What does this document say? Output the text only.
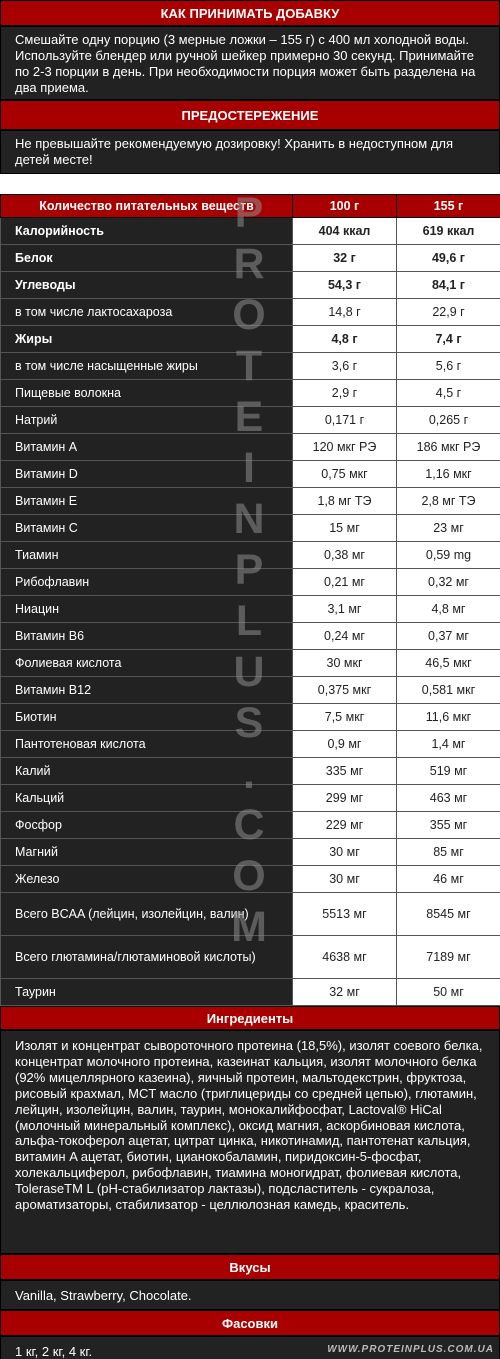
КАК ПРИНИМАТЬ ДОБАВКУ
Смешайте одну порцию (3 мерные ложки – 155 г) с 400 мл холодной воды. Используйте блендер или ручной шейкер примерно 30 секунд. Принимайте по 2-3 порции в день. При необходимости порция может быть разделена на два приема.
ПРЕДОСТЕРЕЖЕНИЕ
Не превышайте рекомендуемую дозировку! Хранить в недоступном для детей месте!
Количество питательных веществ	100 г	155 г
Калорийность	404 ккал	619 ккал
Белок	32 г	49,6 г
Углеводы	54,3 г	84,1 г
в том числе лактосахароза	14,8 г	22,9 г
Жиры	4,8 г	7,4 г
в том числе насыщенные жиры	3,6 г	5,6 г
Пищевые волокна	2,9 г	4,5 г
Натрий	0,171 г	0,265 г
Витамин A	120 мкг РЭ	186 мкг РЭ
Витамин D	0,75 мкг	1,16 мкг
Витамин E	1,8 мг ТЭ	2,8 мг ТЭ
Витамин C	15 мг	23 мг
Тиамин	0,38 мг	0,59 mg
Рибофлавин	0,21 мг	0,32 мг
Ниацин	3,1 мг	4,8 мг
Витамин B6	0,24 мг	0,37 мг
Фолиевая кислота	30 мкг	46,5 мкг
Витамин B12	0,375 мкг	0,581 мкг
Биотин	7,5 мкг	11,6 мкг
Пантотеновая кислота	0,9 мг	1,4 мг
Калий	335 мг	519 мг
Кальций	299 мг	463 мг
Фосфор	229 мг	355 мг
Магний	30 мг	85 мг
Железо	30 мг	46 мг
Всего BCAA (лейцин, изолейцин, валин)	5513 мг	8545 мг
Всего глютамина/глютаминовой кислоты)	4638 мг	7189 мг
Таурин	32 мг	50 мг
Ингредиенты
Изолят и концентрат сывороточного протеина (18,5%), изолят соевого белка, концентрат молочного протеина, казеинат кальция, изолят молочного белка (92% мицеллярного казеина), яичный протеин, мальтодекстрин, фруктоза, рисовый крахмал, MCT масло (триглицериды со средней цепью), глютамин, лейцин, изолейцин, валин, таурин, монокалийфосфат, Lactoval® HiCal (молочный минеральный комплекс), оксид магния, аскорбиновая кислота, альфа-токоферол ацетат, цитрат цинка, никотинамид, пантотенат кальция, витамин A ацетат, биотин, цианокобаламин, пиридоксин-5-фосфат, холекальциферол, рибофлавин, тиамина моногидрат, фолиевая кислота, ToleraseTM L (pH-стабилизатор лактазы), подсластитель - сукралоза, ароматизаторы, стабилизатор - целлюлозная камедь, краситель.
Вкусы
Vanilla, Strawberry, Chocolate.
Фасовки
1 кг, 2 кг, 4 кг.
P
R
O
T
E
I
N
P
L
U
S
.
C
O
M
WWW.PROTEINPLUS.COM.UA
